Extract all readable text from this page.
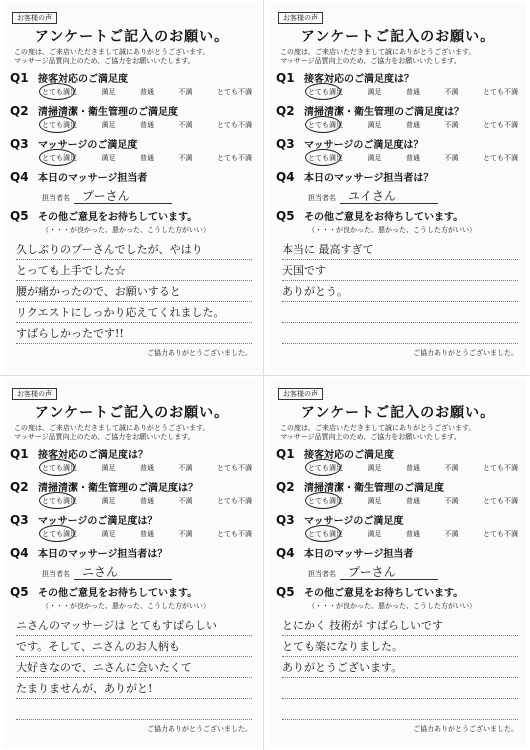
お客様の声
アンケートご記入のお願い。
この度は、ご来店いただきまして誠にありがとうございます。
マッサージ品質向上のため、ご協力をお願いいたします。
Q1 接客対応のご満足度
とても満足	満足	普通	不満	とても不満
Q2 清掃清潔・衛生管理のご満足度
とても満足	満足	普通	不満	とても不満
Q3 マッサージのご満足度
とても満足	満足	普通	不満	とても不満
Q4 本日のマッサージ担当者
担当者名	プーさん
Q5 その他ご意見をお待ちしています。
（・・・が良かった、悪かった、こうした方がいい）
久しぶりのプーさんでしたが、やはり
とっても上手でした☆
腰が痛かったので、お願いすると
リクエストにしっかり応えてくれました。
すばらしかったです!!
ご協力ありがとうございました。
お客様の声
アンケートご記入のお願い。
この度は、ご来店いただきまして誠にありがとうございます。
マッサージ品質向上のため、ご協力をお願いいたします。
Q1 接客対応のご満足度は？
とても満足	満足	普通	不満	とても不満
Q2 清掃清潔・衛生管理のご満足度は？
とても満足	満足	普通	不満	とても不満
Q3 マッサージのご満足度は？
とても満足	満足	普通	不満	とても不満
Q4 本日のマッサージ担当者は？
担当者名	ユイさん
Q5 その他ご意見をお待ちしています。
（・・・が良かった、悪かった、こうした方がいい）
本当に 最高すぎて
天国です
ありがとう。
ご協力ありがとうございました。
お客様の声
アンケートご記入のお願い。
この度は、ご来店いただきまして誠にありがとうございます。
マッサージ品質向上のため、ご協力をお願いいたします。
Q1 接客対応のご満足度は？
とても満足	満足	普通	不満	とても不満
Q2 清掃清潔・衛生管理のご満足度は？
とても満足	満足	普通	不満	とても不満
Q3 マッサージのご満足度は？
とても満足	満足	普通	不満	とても不満
Q4 本日のマッサージ担当者は？
担当者名	ニさん
Q5 その他ご意見をお待ちしています。
（・・・が良かった、悪かった、こうした方がいい）
ニさんのマッサージは とてもすばらしい
です。そして、ニさんのお人柄も
大好きなので、ニさんに会いたくて
たまりませんが、ありがと!
ご協力ありがとうございました。
お客様の声
アンケートご記入のお願い。
この度は、ご来店いただきまして誠にありがとうございます。
マッサージ品質向上のため、ご協力をお願いいたします。
Q1 接客対応のご満足度
とても満足	満足	普通	不満	とても不満
Q2 清掃清潔・衛生管理のご満足度
とても満足	満足	普通	不満	とても不満
Q3 マッサージのご満足度
とても満足	満足	普通	不満	とても不満
Q4 本日のマッサージ担当者
担当者名	プーさん
Q5 その他ご意見をお待ちしています。
（・・・が良かった、悪かった、こうした方がいい）
とにかく 技術が すばらしいです
とても楽になりました。
ありがとうございます。
ご協力ありがとうございました。
